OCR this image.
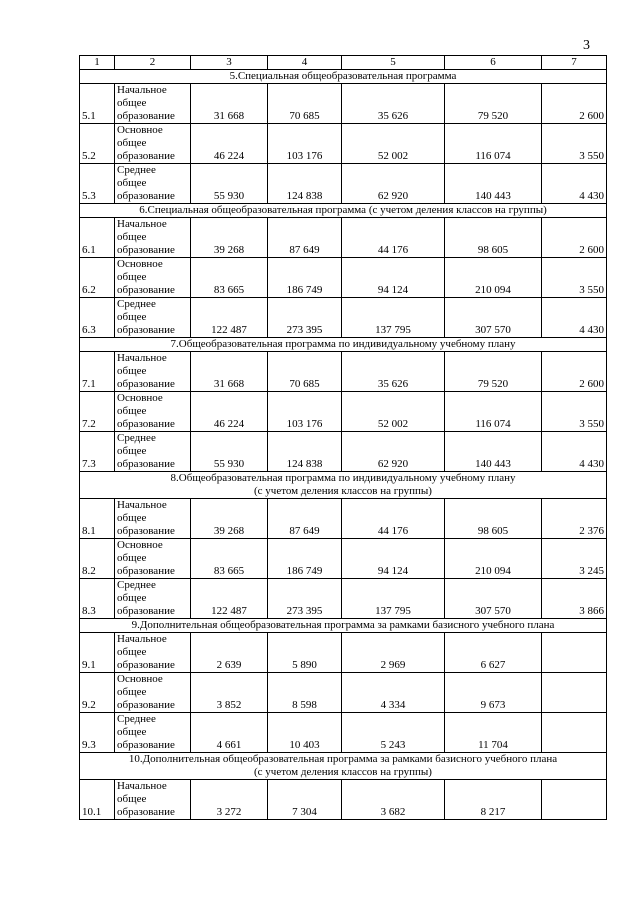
3
1	2	3	4	5	6	7
5.Специальная общеобразовательная программа						
5.1	Начальное
общее
образование	31 668	70 685	35 626	79 520	2 600
5.2	Основное
общее
образование	46 224	103 176	52 002	116 074	3 550
5.3	Среднее
общее
образование	55 930	124 838	62 920	140 443	4 430
6.Специальная общеобразовательная программа (с учетом деления классов на группы)						
6.1	Начальное
общее
образование	39 268	87 649	44 176	98 605	2 600
6.2	Основное
общее
образование	83 665	186 749	94 124	210 094	3 550
6.3	Среднее
общее
образование	122 487	273 395	137 795	307 570	4 430
7.Общеобразовательная программа по индивидуальному учебному плану						
7.1	Начальное
общее
образование	31 668	70 685	35 626	79 520	2 600
7.2	Основное
общее
образование	46 224	103 176	52 002	116 074	3 550
7.3	Среднее
общее
образование	55 930	124 838	62 920	140 443	4 430
8.Общеобразовательная программа по индивидуальному учебному плану
(с учетом деления классов на группы)						
8.1	Начальное
общее
образование	39 268	87 649	44 176	98 605	2 376
8.2	Основное
общее
образование	83 665	186 749	94 124	210 094	3 245
8.3	Среднее
общее
образование	122 487	273 395	137 795	307 570	3 866
9.Дополнительная общеобразовательная программа за рамками базисного учебного плана						
9.1	Начальное
общее
образование	2 639	5 890	2 969	6 627	
9.2	Основное
общее
образование	3 852	8 598	4 334	9 673	
9.3	Среднее
общее
образование	4 661	10 403	5 243	11 704	
10.Дополнительная общеобразовательная программа за рамками базисного учебного плана
(с учетом деления классов на группы)						
10.1	Начальное
общее
образование	3 272	7 304	3 682	8 217	
